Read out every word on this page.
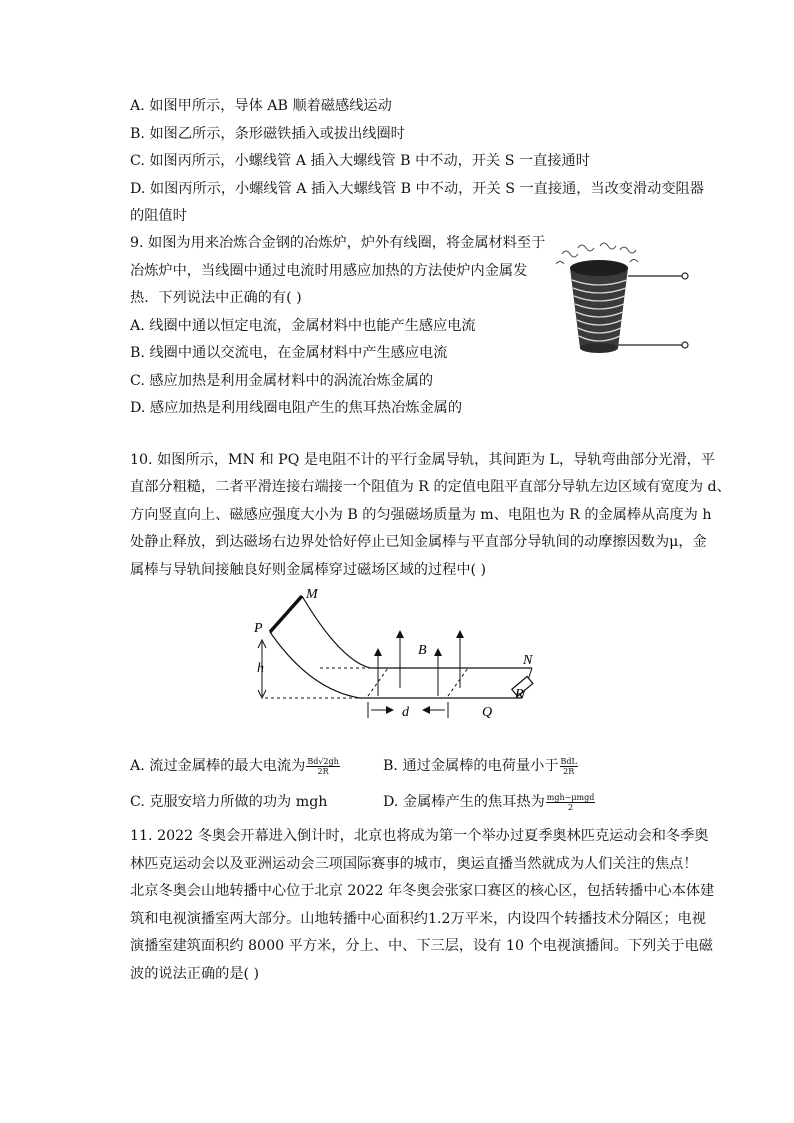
A. 如图甲所示，导体 AB 顺着磁感线运动
B. 如图乙所示，条形磁铁插入或拔出线圈时
C. 如图丙所示，小螺线管 A 插入大螺线管 B 中不动，开关 S 一直接通时
D. 如图丙所示，小螺线管 A 插入大螺线管 B 中不动，开关 S 一直接通，当改变滑动变阻器
的阻值时
9. 如图为用来冶炼合金钢的冶炼炉，炉外有线圈，将金属材料至于
冶炼炉中，当线圈中通过电流时用感应加热的方法使炉内金属发
热．下列说法中正确的有( )
A. 线圈中通以恒定电流，金属材料中也能产生感应电流
B. 线圈中通以交流电，在金属材料中产生感应电流
C. 感应加热是利用金属材料中的涡流冶炼金属的
D. 感应加热是利用线圈电阻产生的焦耳热冶炼金属的
10. 如图所示，MN 和 PQ 是电阻不计的平行金属导轨，其间距为 L，导轨弯曲部分光滑，平
直部分粗糙，二者平滑连接右端接一个阻值为 R 的定值电阻平直部分导轨左边区域有宽度为 d、
方向竖直向上、磁感应强度大小为 B 的匀强磁场质量为 m、电阻也为 R 的金属棒从高度为 h
处静止释放，到达磁场右边界处恰好停止已知金属棒与平直部分导轨间的动摩擦因数为μ，金
属棒与导轨间接触良好则金属棒穿过磁场区域的过程中( )
M
P
h
B
N
d	Q
R
A. 流过金属棒的最大电流为 $\frac{Bd√2gh}{2R}$	B. 通过金属棒的电荷量小于 $\frac{\text{BdL}}{2R}$
C. 克服安培力所做的功为 mgh	D. 金属棒产生的焦耳热为 $\frac{\text{mgh−μmgd}}{2}$
11. 2022 冬奥会开幕进入倒计时，北京也将成为第一个举办过夏季奥林匹克运动会和冬季奥
林匹克运动会以及亚洲运动会三项国际赛事的城市，奥运直播当然就成为人们关注的焦点！
北京冬奥会山地转播中心位于北京 2022 年冬奥会张家口赛区的核心区，包括转播中心本体建
筑和电视演播室两大部分。山地转播中心面积约1.2万平米，内设四个转播技术分隔区；电视
演播室建筑面积约 8000 平方米，分上、中、下三层，设有 10 个电视演播间。下列关于电磁
波的说法正确的是( )
